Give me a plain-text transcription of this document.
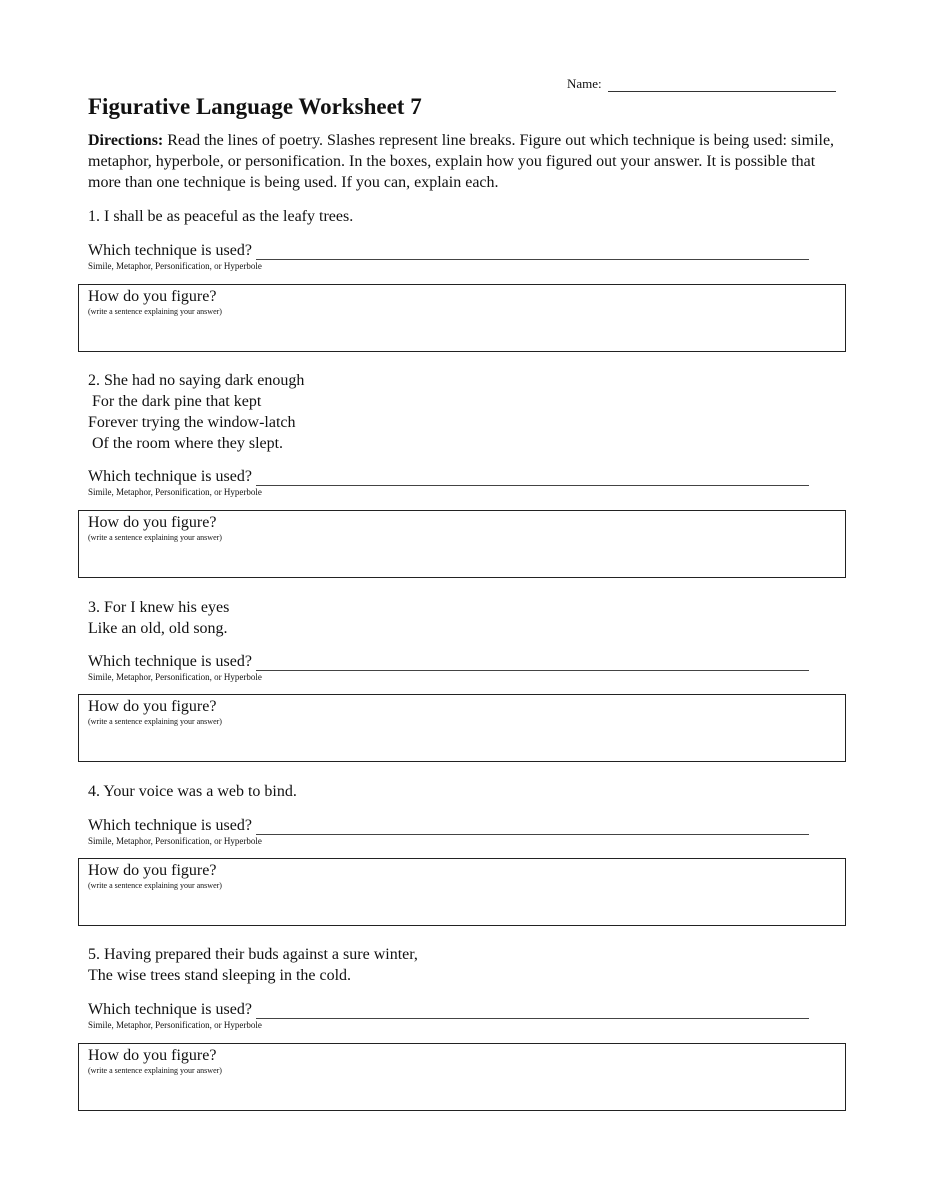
Name:
Figurative Language Worksheet 7

Directions: Read the lines of poetry. Slashes represent line breaks. Figure out which technique is being used: simile, metaphor, hyperbole, or personification. In the boxes, explain how you figured out your answer. It is possible that more than one technique is being used. If you can, explain each.

1. I shall be as peaceful as the leafy trees.
Which technique is used?
Simile, Metaphor, Personification, or Hyperbole
How do you figure?
(write a sentence explaining your answer)
2. She had no saying dark enough
For the dark pine that kept
Forever trying the window-latch
Of the room where they slept.
Which technique is used?
Simile, Metaphor, Personification, or Hyperbole
How do you figure?
(write a sentence explaining your answer)
3. For I knew his eyes
Like an old, old song.
Which technique is used?
Simile, Metaphor, Personification, or Hyperbole
How do you figure?
(write a sentence explaining your answer)
4. Your voice was a web to bind.
Which technique is used?
Simile, Metaphor, Personification, or Hyperbole
How do you figure?
(write a sentence explaining your answer)
5. Having prepared their buds against a sure winter,
The wise trees stand sleeping in the cold.
Which technique is used?
Simile, Metaphor, Personification, or Hyperbole
How do you figure?
(write a sentence explaining your answer)
